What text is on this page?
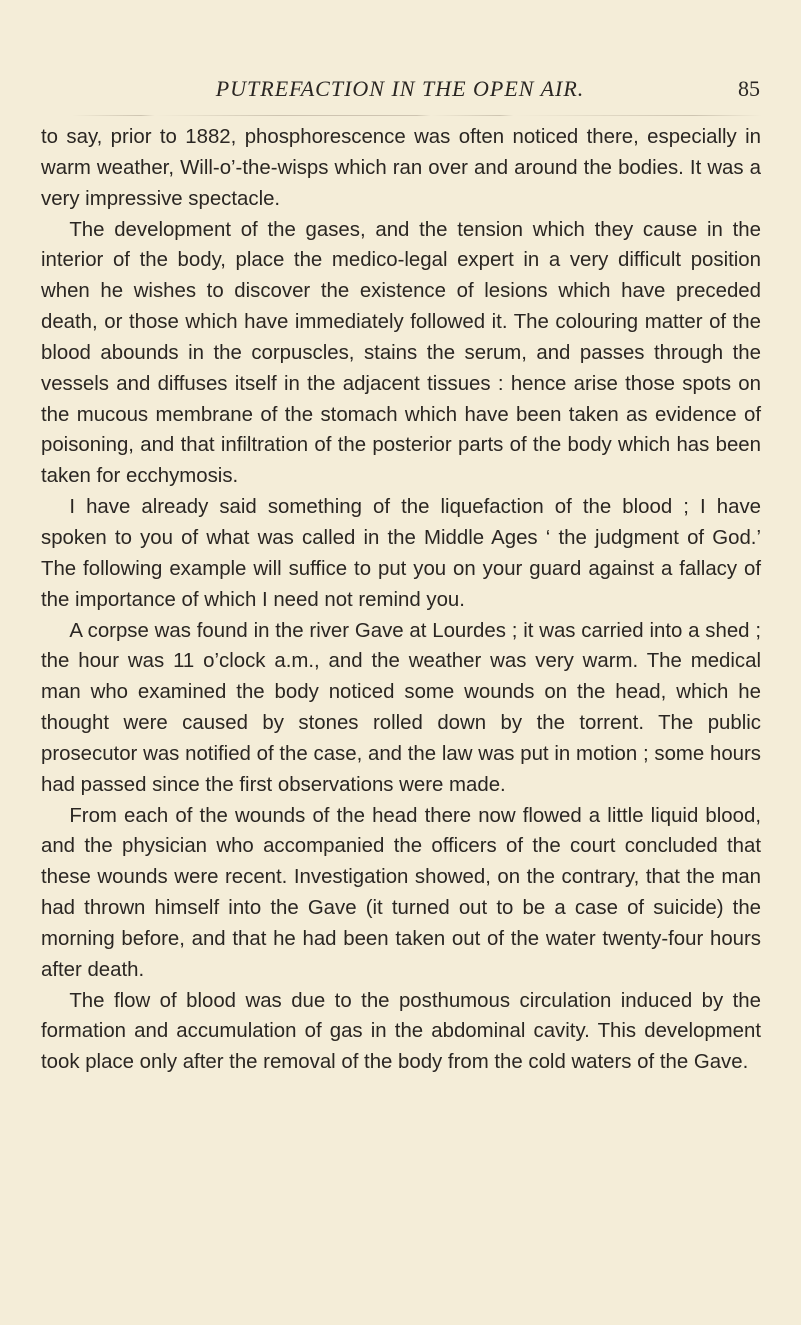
PUTREFACTION IN THE OPEN AIR.	85

to say, prior to 1882, phosphorescence was often noticed there, especially in warm weather, Will-o’-the-wisps which ran over and around the bodies. It was a very impressive spectacle.

The development of the gases, and the tension which they cause in the interior of the body, place the medico-legal expert in a very difficult position when he wishes to discover the existence of lesions which have preceded death, or those which have immediately followed it. The colouring matter of the blood abounds in the corpuscles, stains the serum, and passes through the vessels and diffuses itself in the adjacent tissues : hence arise those spots on the mucous membrane of the stomach which have been taken as evidence of poisoning, and that infiltration of the posterior parts of the body which has been taken for ecchymosis.

I have already said something of the liquefaction of the blood ; I have spoken to you of what was called in the Middle Ages ‘ the judgment of God.’ The following example will suffice to put you on your guard against a fallacy of the importance of which I need not remind you.

A corpse was found in the river Gave at Lourdes ; it was carried into a shed ; the hour was 11 o’clock a.m., and the weather was very warm. The medical man who examined the body noticed some wounds on the head, which he thought were caused by stones rolled down by the torrent. The public prosecutor was notified of the case, and the law was put in motion ; some hours had passed since the first observations were made.

From each of the wounds of the head there now flowed a little liquid blood, and the physician who accompanied the officers of the court concluded that these wounds were recent. Investigation showed, on the contrary, that the man had thrown himself into the Gave (it turned out to be a case of suicide) the morning before, and that he had been taken out of the water twenty-four hours after death.

The flow of blood was due to the posthumous circulation induced by the formation and accumulation of gas in the abdominal cavity. This development took place only after the removal of the body from the cold waters of the Gave.
